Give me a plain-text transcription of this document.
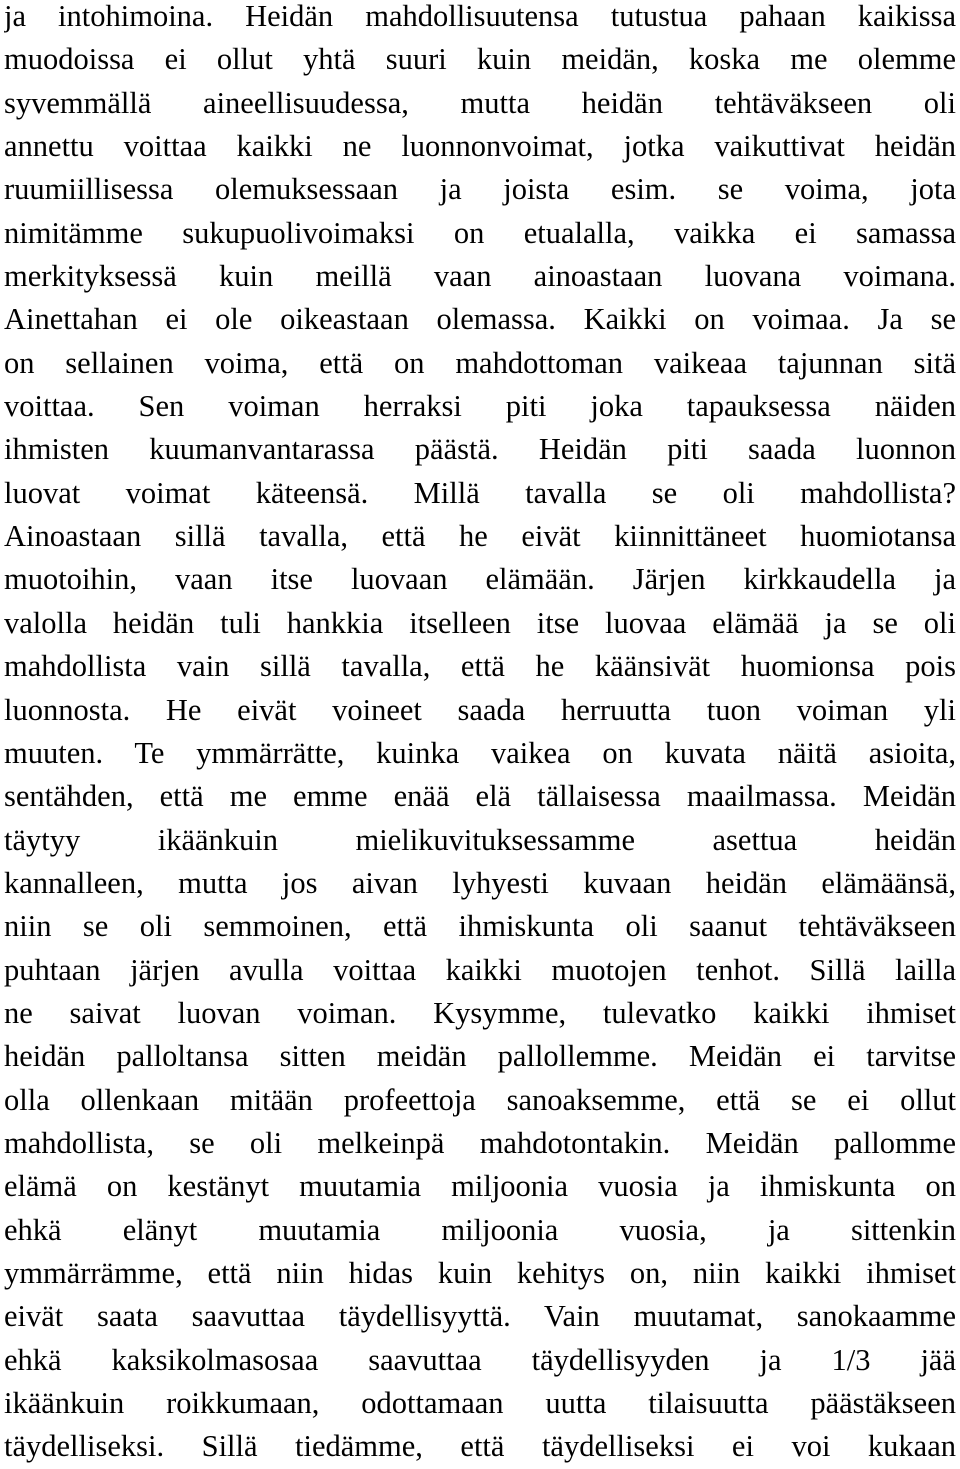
ja intohimoina. Heidän mahdollisuutensa tutustua pahaan kaikissa
muodoissa ei ollut yhtä suuri kuin meidän, koska me olemme
syvemmällä aineellisuudessa, mutta heidän tehtäväkseen oli
annettu voittaa kaikki ne luonnonvoimat, jotka vaikuttivat heidän
ruumiillisessa olemuksessaan ja joista esim. se voima, jota
nimitämme sukupuolivoimaksi on etualalla, vaikka ei samassa
merkityksessä kuin meillä vaan ainoastaan luovana voimana.
Ainettahan ei ole oikeastaan olemassa. Kaikki on voimaa. Ja se
on sellainen voima, että on mahdottoman vaikeaa tajunnan sitä
voittaa. Sen voiman herraksi piti joka tapauksessa näiden
ihmisten kuumanvantarassa päästä. Heidän piti saada luonnon
luovat voimat käteensä. Millä tavalla se oli mahdollista?
Ainoastaan sillä tavalla, että he eivät kiinnittäneet huomiotansa
muotoihin, vaan itse luovaan elämään. Järjen kirkkaudella ja
valolla heidän tuli hankkia itselleen itse luovaa elämää ja se oli
mahdollista vain sillä tavalla, että he käänsivät huomionsa pois
luonnosta. He eivät voineet saada herruutta tuon voiman yli
muuten. Te ymmärrätte, kuinka vaikea on kuvata näitä asioita,
sentähden, että me emme enää elä tällaisessa maailmassa. Meidän
täytyy ikäänkuin mielikuvituksessamme asettua heidän
kannalleen, mutta jos aivan lyhyesti kuvaan heidän elämäänsä,
niin se oli semmoinen, että ihmiskunta oli saanut tehtäväkseen
puhtaan järjen avulla voittaa kaikki muotojen tenhot. Sillä lailla
ne saivat luovan voiman. Kysymme, tulevatko kaikki ihmiset
heidän palloltansa sitten meidän pallollemme. Meidän ei tarvitse
olla ollenkaan mitään profeettoja sanoaksemme, että se ei ollut
mahdollista, se oli melkeinpä mahdotontakin. Meidän pallomme
elämä on kestänyt muutamia miljoonia vuosia ja ihmiskunta on
ehkä elänyt muutamia miljoonia vuosia, ja sittenkin
ymmärrämme, että niin hidas kuin kehitys on, niin kaikki ihmiset
eivät saata saavuttaa täydellisyyttä. Vain muutamat, sanokaamme
ehkä kaksikolmasosaa saavuttaa täydellisyyden ja 1/3 jää
ikäänkuin roikkumaan, odottamaan uutta tilaisuutta päästäkseen
täydelliseksi. Sillä tiedämme, että täydelliseksi ei voi kukaan
